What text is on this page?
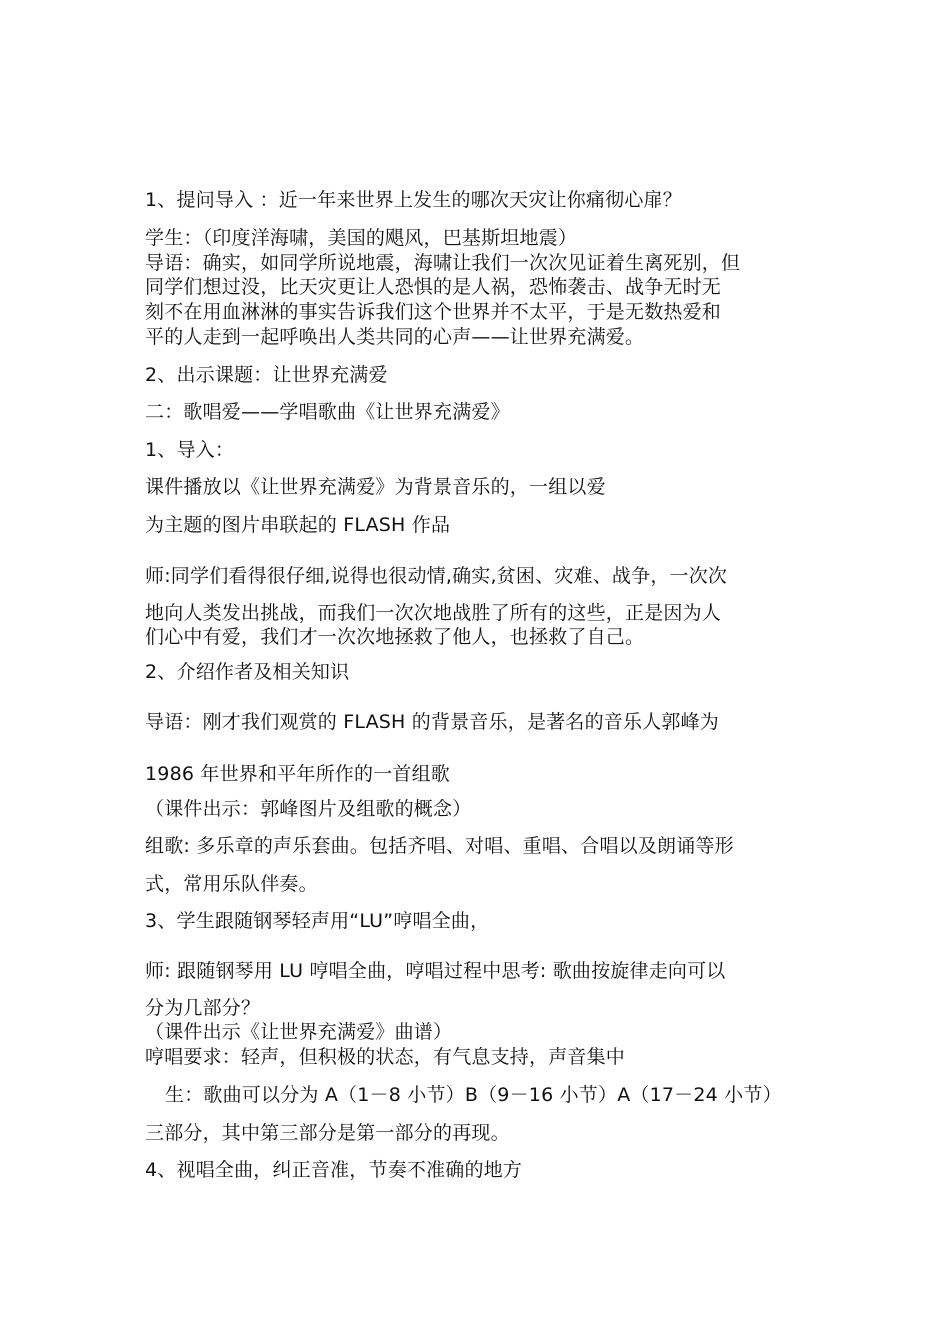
1、提问导入 ：近一年来世界上发生的哪次天灾让你痛彻心扉？
学生：（印度洋海啸，美国的飓风，巴基斯坦地震）
导语：确实，如同学所说地震，海啸让我们一次次见证着生离死别，但
同学们想过没，比天灾更让人恐惧的是人祸，恐怖袭击、战争无时无
刻不在用血淋淋的事实告诉我们这个世界并不太平，于是无数热爱和
平的人走到一起呼唤出人类共同的心声——让世界充满爱。
2、出示课题：让世界充满爱
二：歌唱爱——学唱歌曲《让世界充满爱》
1、导入：
课件播放以《让世界充满爱》为背景音乐的，一组以爱
为主题的图片串联起的 FLASH 作品
师:同学们看得很仔细,说得也很动情,确实,贫困、灾难、战争，一次次
地向人类发出挑战，而我们一次次地战胜了所有的这些，正是因为人
们心中有爱，我们才一次次地拯救了他人，也拯救了自己。
2、介绍作者及相关知识
导语：刚才我们观赏的 FLASH 的背景音乐，是著名的音乐人郭峰为
1986 年世界和平年所作的一首组歌
（课件出示：郭峰图片及组歌的概念）
组歌: 多乐章的声乐套曲。包括齐唱、对唱、重唱、合唱以及朗诵等形
式，常用乐队伴奏。
3、学生跟随钢琴轻声用“LU”哼唱全曲，
师: 跟随钢琴用 LU 哼唱全曲，哼唱过程中思考: 歌曲按旋律走向可以
分为几部分？
（课件出示《让世界充满爱》曲谱）
哼唱要求：轻声，但积极的状态，有气息支持，声音集中
生：歌曲可以分为 A（1－8 小节）B（9－16 小节）A（17－24 小节）
三部分，其中第三部分是第一部分的再现。
4、视唱全曲，纠正音准，节奏不准确的地方
